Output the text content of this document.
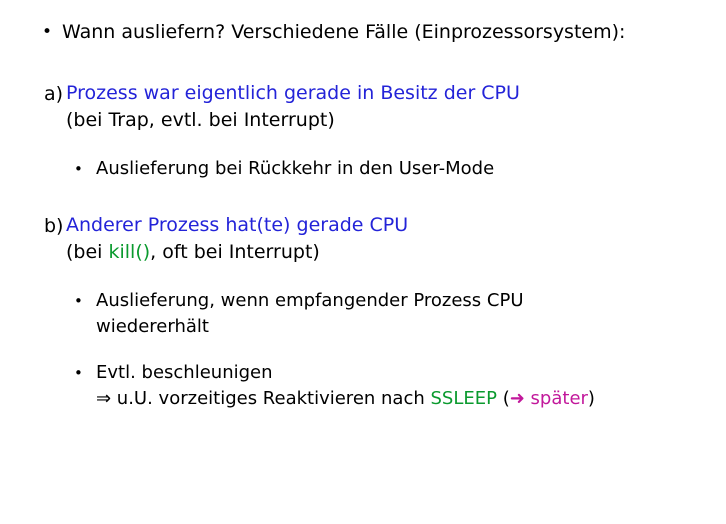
• Wann ausliefern? Verschiedene Fälle (Einprozessorsystem):
a) Prozess war eigentlich gerade in Besitz der CPU
(bei Trap, evtl. bei Interrupt)
• Auslieferung bei Rückkehr in den User-Mode
b) Anderer Prozess hat(te) gerade CPU
(bei kill(), oft bei Interrupt)
• Auslieferung, wenn empfangender Prozess CPU
wiedererhält
• Evtl. beschleunigen
⇒ u.U. vorzeitiges Reaktivieren nach SSLEEP (➜ später)
